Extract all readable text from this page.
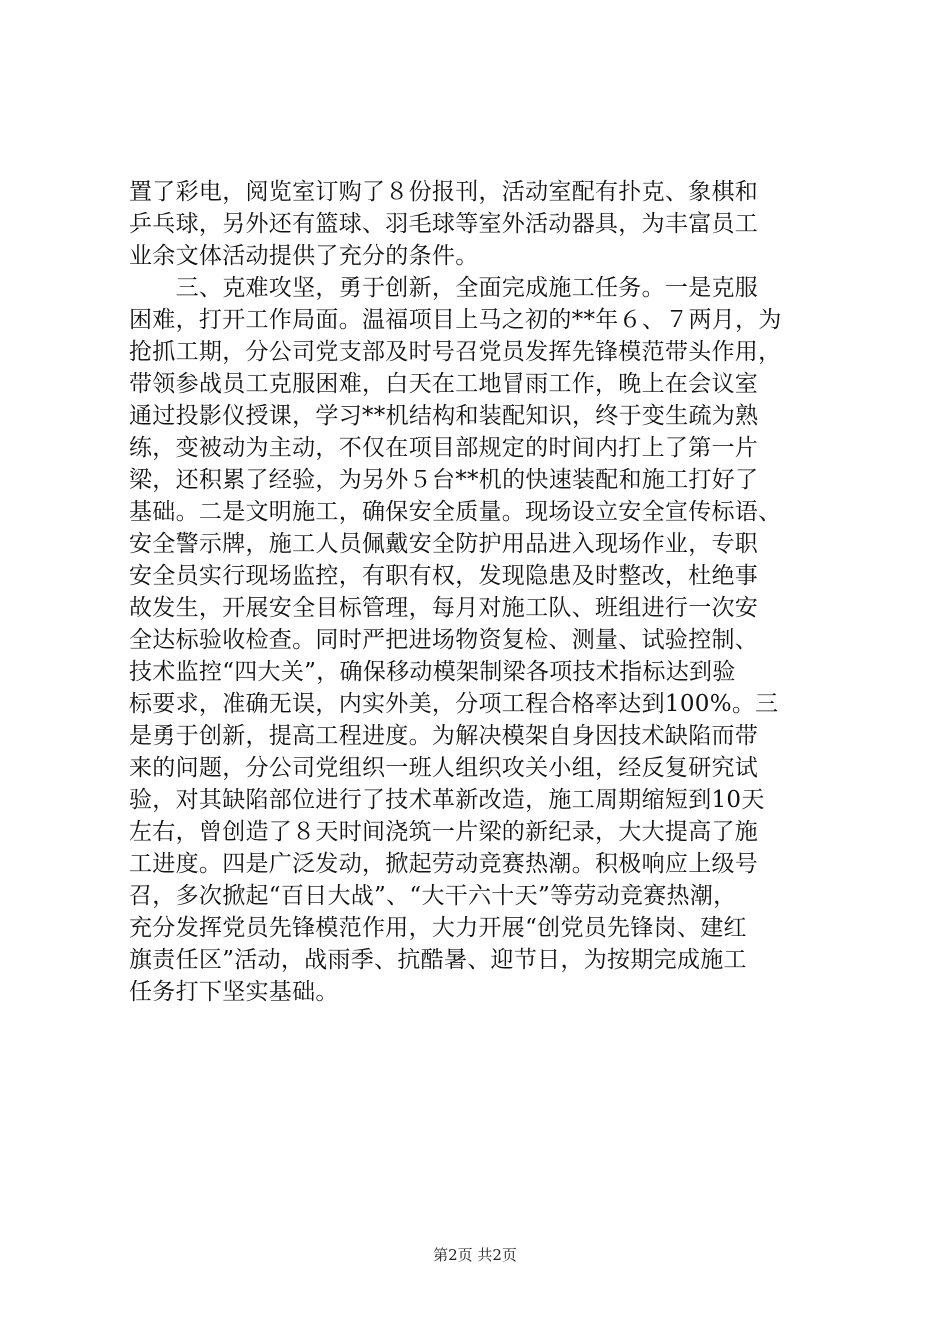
置了彩电，阅览室订购了８份报刊，活动室配有扑克、象棋和
乒乓球，另外还有篮球、羽毛球等室外活动器具，为丰富员工
业余文体活动提供了充分的条件。
　　三、克难攻坚，勇于创新，全面完成施工任务。一是克服
困难，打开工作局面。温福项目上马之初的**年６、７两月，为
抢抓工期，分公司党支部及时号召党员发挥先锋模范带头作用，
带领参战员工克服困难，白天在工地冒雨工作，晚上在会议室
通过投影仪授课，学习**机结构和装配知识，终于变生疏为熟
练，变被动为主动，不仅在项目部规定的时间内打上了第一片
梁，还积累了经验，为另外５台**机的快速装配和施工打好了
基础。二是文明施工，确保安全质量。现场设立安全宣传标语、
安全警示牌，施工人员佩戴安全防护用品进入现场作业，专职
安全员实行现场监控，有职有权，发现隐患及时整改，杜绝事
故发生，开展安全目标管理，每月对施工队、班组进行一次安
全达标验收检查。同时严把进场物资复检、测量、试验控制、
技术监控“四大关”，确保移动模架制梁各项技术指标达到验
标要求，准确无误，内实外美，分项工程合格率达到100%。三
是勇于创新，提高工程进度。为解决模架自身因技术缺陷而带
来的问题，分公司党组织一班人组织攻关小组，经反复研究试
验，对其缺陷部位进行了技术革新改造，施工周期缩短到10天
左右，曾创造了８天时间浇筑一片梁的新纪录，大大提高了施
工进度。四是广泛发动，掀起劳动竞赛热潮。积极响应上级号
召，多次掀起“百日大战”、“大干六十天”等劳动竞赛热潮，
充分发挥党员先锋模范作用，大力开展“创党员先锋岗、建红
旗责任区”活动，战雨季、抗酷暑、迎节日，为按期完成施工
任务打下坚实基础。
第2页 共2页
